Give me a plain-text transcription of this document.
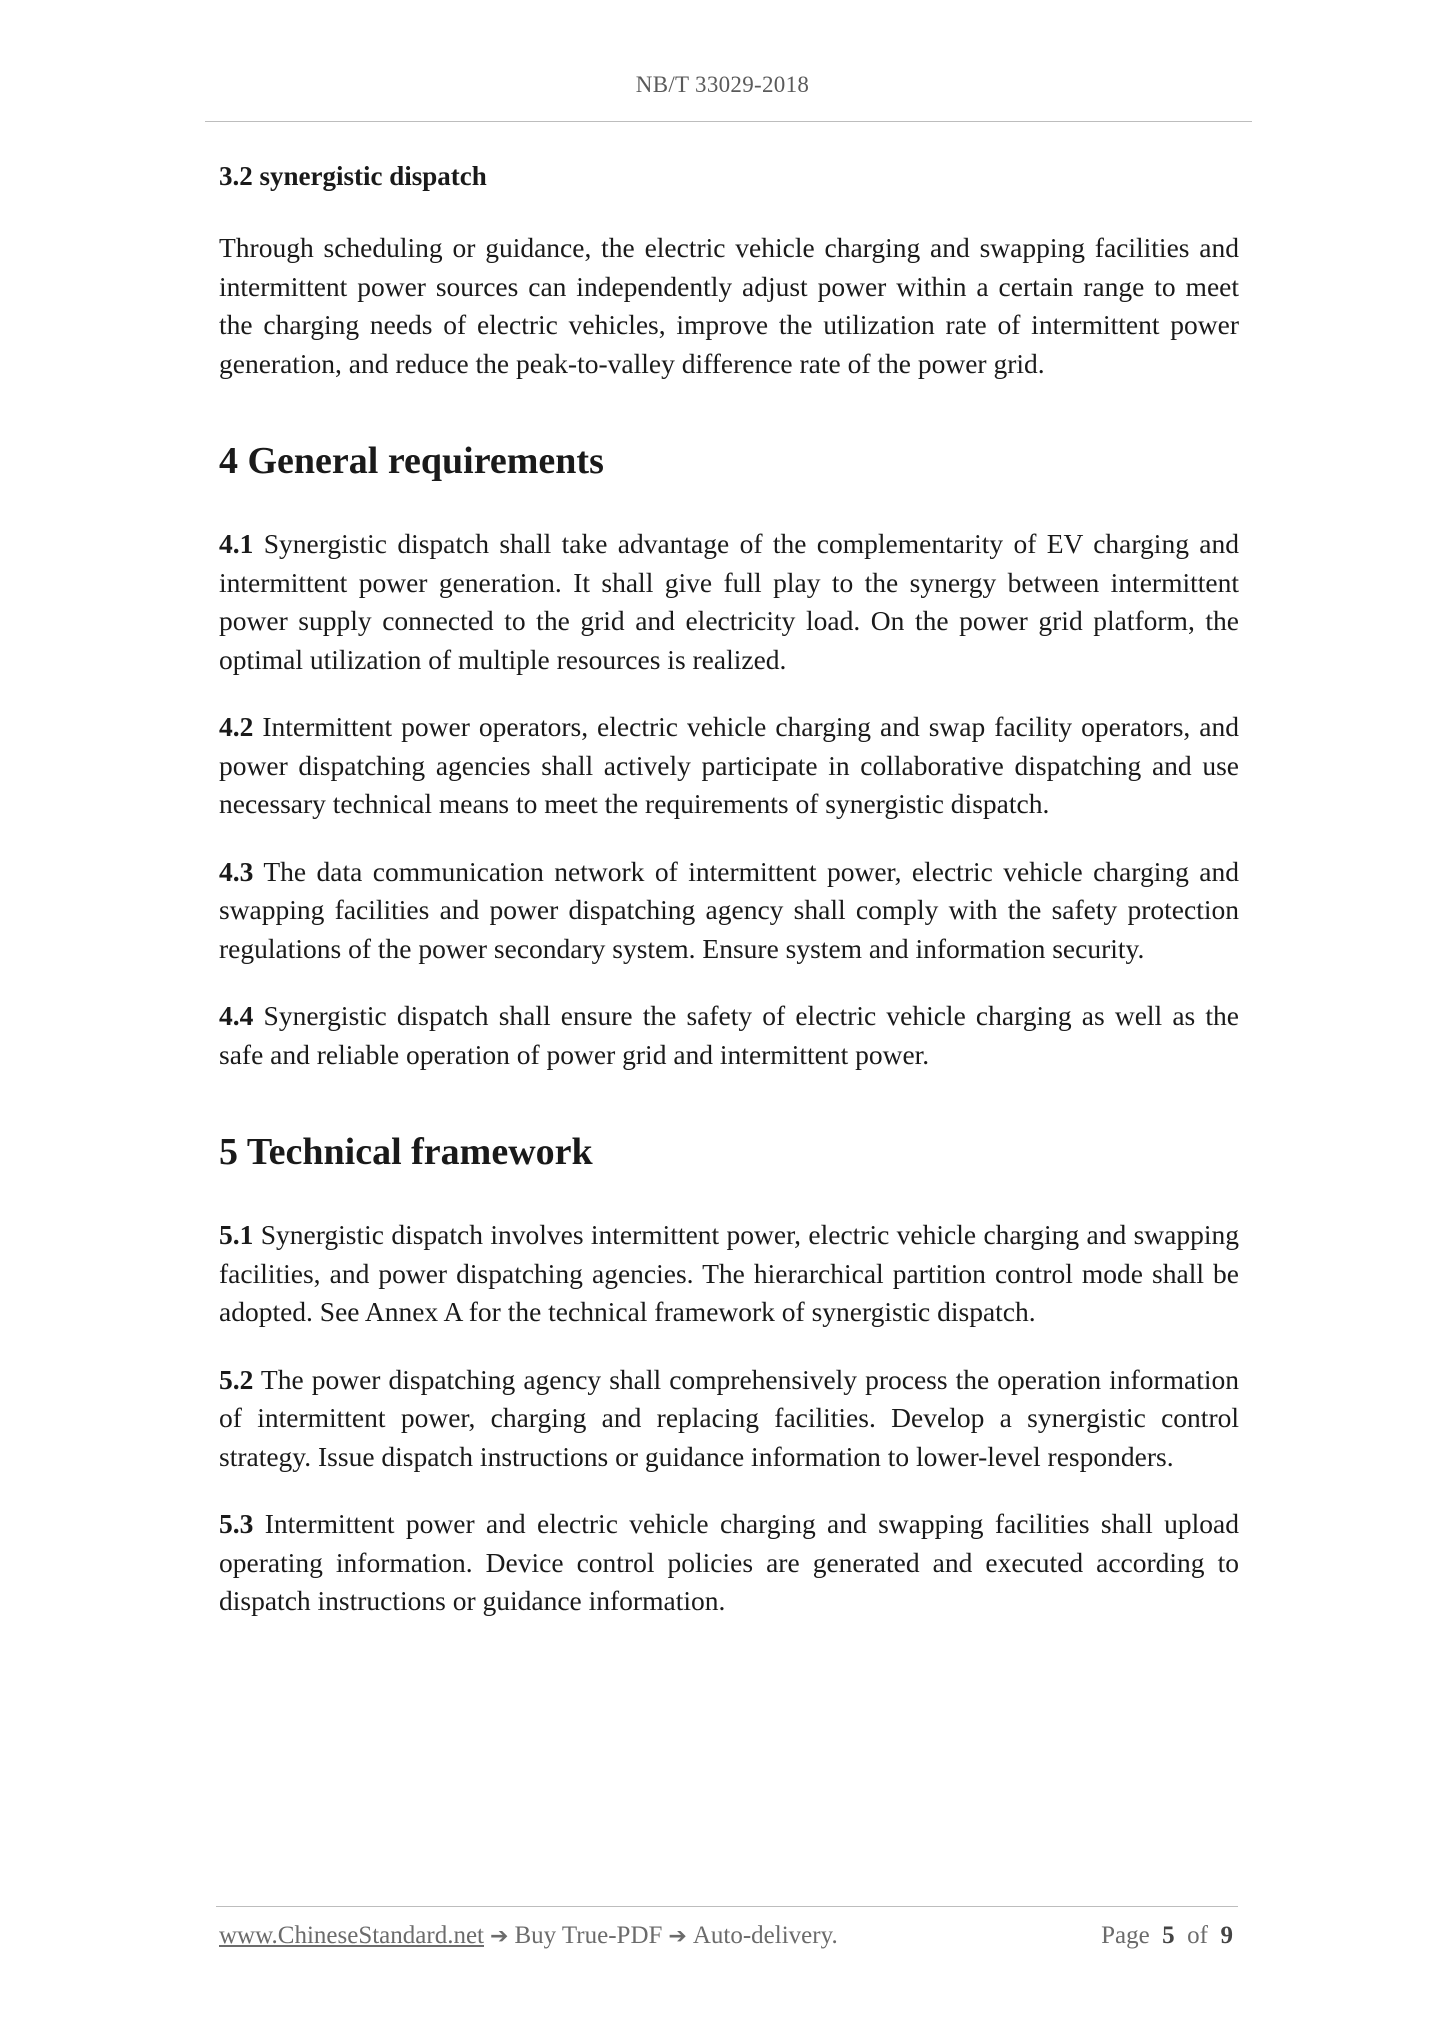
NB/T 33029-2018
3.2 synergistic dispatch

Through scheduling or guidance, the electric vehicle charging and swapping facilities and intermittent power sources can independently adjust power within a certain range to meet the charging needs of electric vehicles, improve the utilization rate of intermittent power generation, and reduce the peak-to-valley difference rate of the power grid.

4 General requirements

4.1 Synergistic dispatch shall take advantage of the complementarity of EV charging and intermittent power generation. It shall give full play to the synergy between intermittent power supply connected to the grid and electricity load. On the power grid platform, the optimal utilization of multiple resources is realized.

4.2 Intermittent power operators, electric vehicle charging and swap facility operators, and power dispatching agencies shall actively participate in collaborative dispatching and use necessary technical means to meet the requirements of synergistic dispatch.

4.3 The data communication network of intermittent power, electric vehicle charging and swapping facilities and power dispatching agency shall comply with the safety protection regulations of the power secondary system. Ensure system and information security.

4.4 Synergistic dispatch shall ensure the safety of electric vehicle charging as well as the safe and reliable operation of power grid and intermittent power.

5 Technical framework

5.1 Synergistic dispatch involves intermittent power, electric vehicle charging and swapping facilities, and power dispatching agencies. The hierarchical partition control mode shall be adopted. See Annex A for the technical framework of synergistic dispatch.

5.2 The power dispatching agency shall comprehensively process the operation information of intermittent power, charging and replacing facilities. Develop a synergistic control strategy. Issue dispatch instructions or guidance information to lower-level responders.

5.3 Intermittent power and electric vehicle charging and swapping facilities shall upload operating information. Device control policies are generated and executed according to dispatch instructions or guidance information.

www.ChineseStandard.net ➔ Buy True-PDF ➔ Auto-delivery.	Page 5 of 9
